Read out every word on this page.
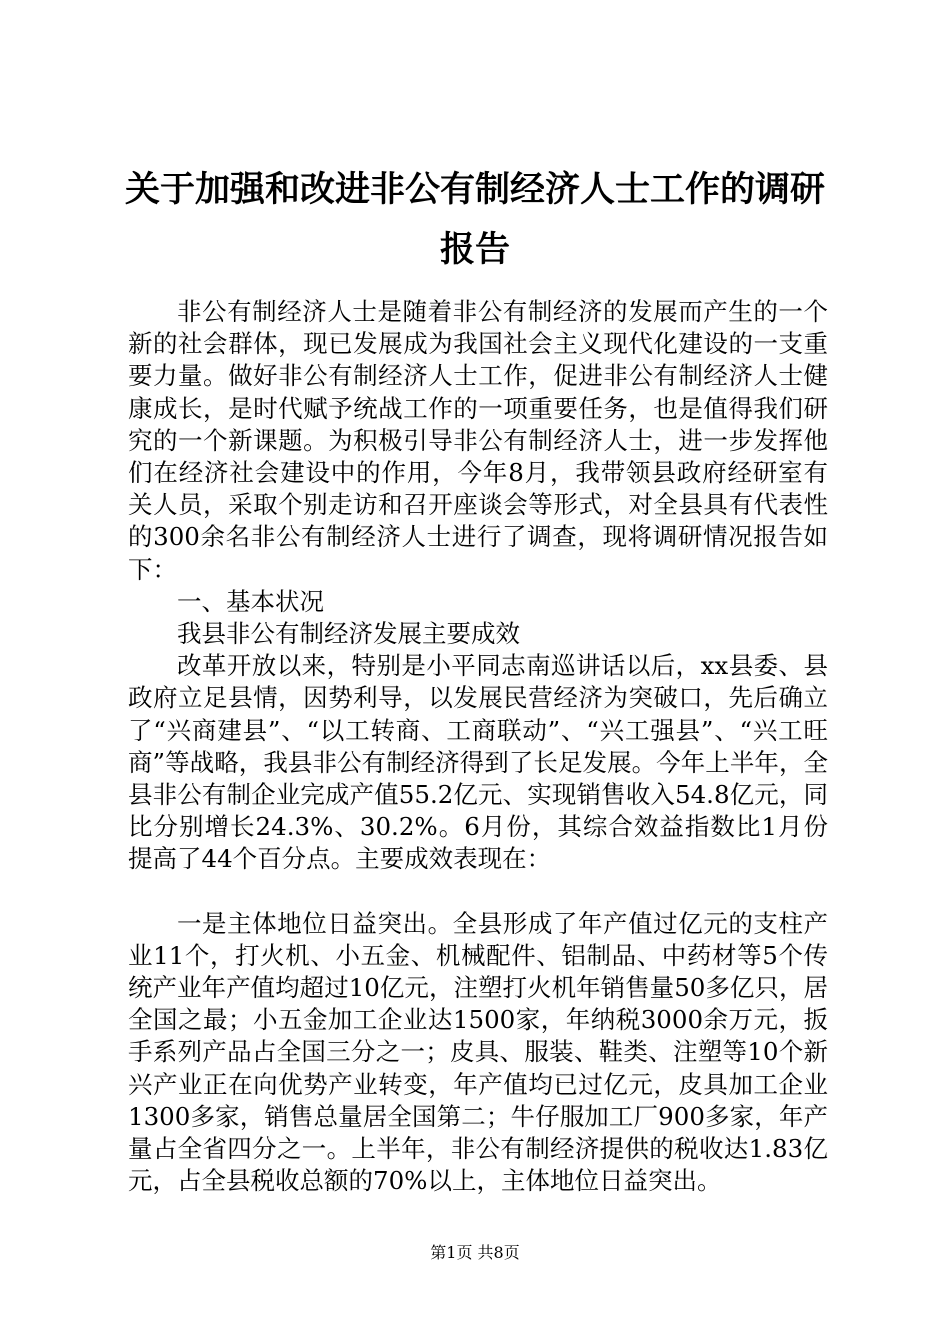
关于加强和改进非公有制经济人士工作的调研报告

非公有制经济人士是随着非公有制经济的发展而产生的一个新的社会群体，现已发展成为我国社会主义现代化建设的一支重要力量。做好非公有制经济人士工作，促进非公有制经济人士健康成长，是时代赋予统战工作的一项重要任务，也是值得我们研究的一个新课题。为积极引导非公有制经济人士，进一步发挥他们在经济社会建设中的作用，今年8月，我带领县政府经研室有关人员，采取个别走访和召开座谈会等形式，对全县具有代表性的300余名非公有制经济人士进行了调查，现将调研情况报告如下：

一、基本状况

我县非公有制经济发展主要成效

改革开放以来，特别是小平同志南巡讲话以后，xx县委、县政府立足县情，因势利导，以发展民营经济为突破口，先后确立了“兴商建县”、“以工转商、工商联动”、“兴工强县”、“兴工旺商”等战略，我县非公有制经济得到了长足发展。今年上半年，全县非公有制企业完成产值55.2亿元、实现销售收入54.8亿元，同比分别增长24.3%、30.2%。6月份，其综合效益指数比1月份提高了44个百分点。主要成效表现在：

一是主体地位日益突出。全县形成了年产值过亿元的支柱产业11个，打火机、小五金、机械配件、铝制品、中药材等5个传统产业年产值均超过10亿元，注塑打火机年销售量50多亿只，居全国之最；小五金加工企业达1500家，年纳税3000余万元，扳手系列产品占全国三分之一；皮具、服装、鞋类、注塑等10个新兴产业正在向优势产业转变，年产值均已过亿元，皮具加工企业1300多家，销售总量居全国第二；牛仔服加工厂900多家，年产量占全省四分之一。上半年，非公有制经济提供的税收达1.83亿元，占全县税收总额的70%以上，主体地位日益突出。

第1页 共8页
